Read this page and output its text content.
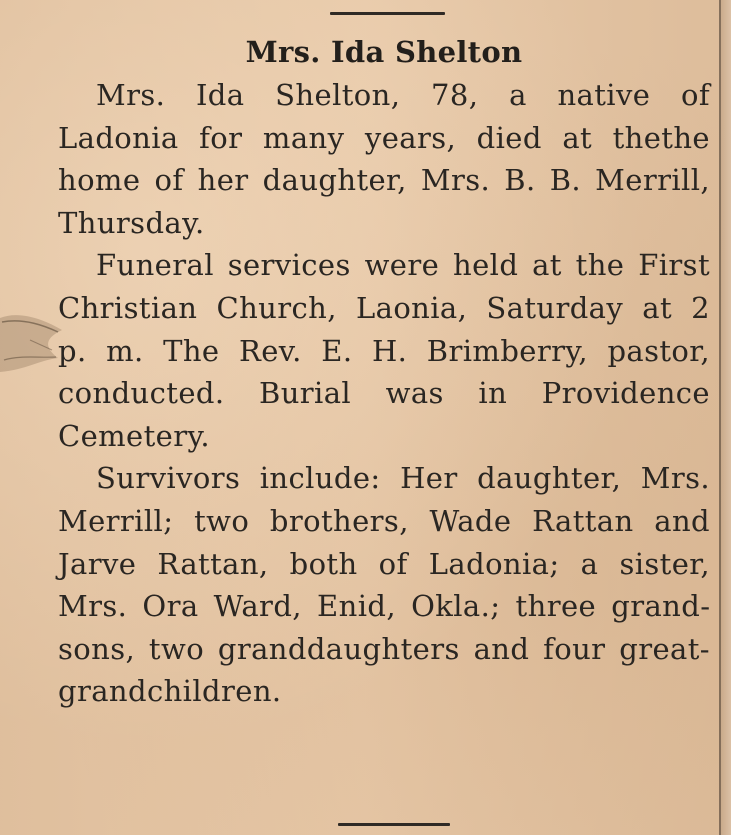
Mrs. Ida Shelton

Mrs. Ida Shelton, 78, a native of Ladonia for many years, died at thethe home of her daughter, Mrs. B. B. Merrill, Thursday.

Funeral services were held at the First Christian Church, Laonia, Saturday at 2 p. m. The Rev. E. H. Brimberry, pastor, conducted. Burial was in Providence Cemetery.

Survivors include: Her daughter, Mrs. Merrill; two brothers, Wade Rattan and Jarve Rattan, both of Ladonia; a sister, Mrs. Ora Ward, Enid, Okla.; three grandsons, two granddaughters and four great-grandchildren.
